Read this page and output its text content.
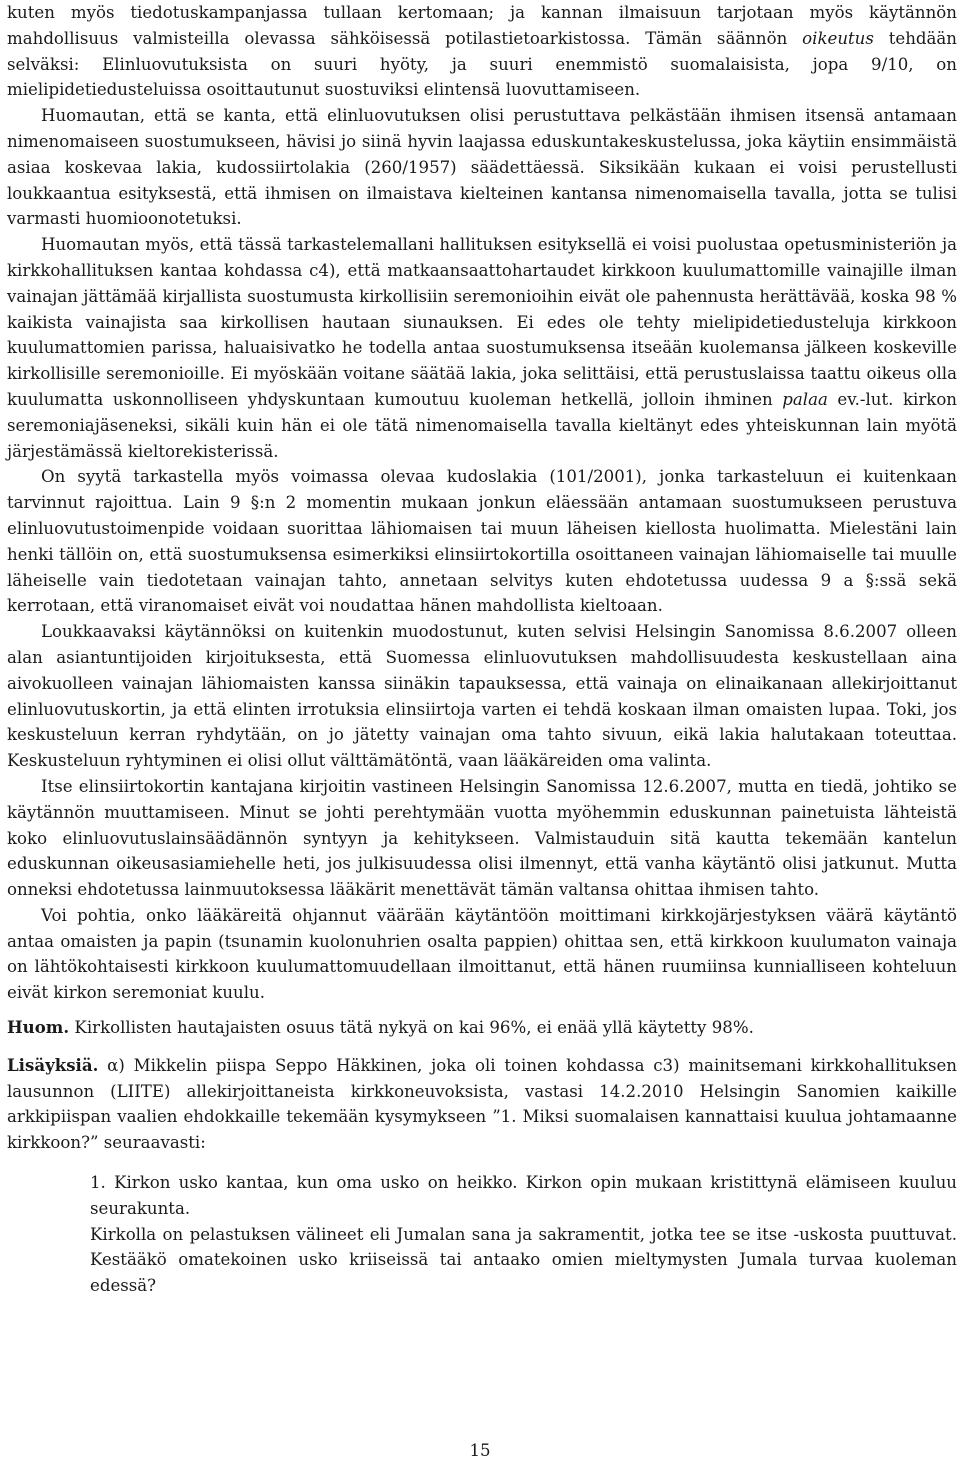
kuten myös tiedotuskampanjassa tullaan kertomaan; ja kannan ilmaisuun tarjotaan myös käytännön mahdollisuus valmisteilla olevassa sähköisessä potilastietoarkistossa. Tämän säännön oikeutus tehdään selväksi: Elinluovutuksista on suuri hyöty, ja suuri enemmistö suomalaisista, jopa 9/10, on mielipidetiedusteluissa osoittautunut suostuviksi elintensä luovuttamiseen.

Huomautan, että se kanta, että elinluovutuksen olisi perustuttava pelkästään ihmisen itsensä antamaan nimenomaiseen suostumukseen, hävisi jo siinä hyvin laajassa eduskuntakeskustelussa, joka käytiin ensimmäistä asiaa koskevaa lakia, kudossiirtolakia (260/1957) säädettäessä. Siksikään kukaan ei voisi perustellusti loukkaantua esityksestä, että ihmisen on ilmaistava kielteinen kantansa nimenomaisella tavalla, jotta se tulisi varmasti huomioonotetuksi.

Huomautan myös, että tässä tarkastelemallani hallituksen esityksellä ei voisi puolustaa opetusministeriön ja kirkkohallituksen kantaa kohdassa c4), että matkaansaattohartaudet kirkkoon kuulumattomille vainajille ilman vainajan jättämää kirjallista suostumusta kirkollisiin seremonioihin eivät ole pahennusta herättävää, koska 98 % kaikista vainajista saa kirkollisen hautaan siunauksen. Ei edes ole tehty mielipidetiedusteluja kirkkoon kuulumattomien parissa, haluaisivatko he todella antaa suostumuksensa itseään kuolemansa jälkeen koskeville kirkollisille seremonioille. Ei myöskään voitane säätää lakia, joka selittäisi, että perustuslaissa taattu oikeus olla kuulumatta uskonnolliseen yhdyskuntaan kumoutuu kuoleman hetkellä, jolloin ihminen palaa ev.-lut. kirkon seremoniajäseneksi, sikäli kuin hän ei ole tätä nimenomaisella tavalla kieltänyt edes yhteiskunnan lain myötä järjestämässä kieltorekisterissä.

On syytä tarkastella myös voimassa olevaa kudoslakia (101/2001), jonka tarkasteluun ei kuitenkaan tarvinnut rajoittua. Lain 9 §:n 2 momentin mukaan jonkun eläessään antamaan suostumukseen perustuva elinluovutustoimenpide voidaan suorittaa lähiomaisen tai muun läheisen kiellosta huolimatta. Mielestäni lain henki tällöin on, että suostumuksensa esimerkiksi elinsiirtokortilla osoittaneen vainajan lähiomaiselle tai muulle läheiselle vain tiedotetaan vainajan tahto, annetaan selvitys kuten ehdotetussa uudessa 9 a §:ssä sekä kerrotaan, että viranomaiset eivät voi noudattaa hänen mahdollista kieltoaan.

Loukkaavaksi käytännöksi on kuitenkin muodostunut, kuten selvisi Helsingin Sanomissa 8.6.2007 olleen alan asiantuntijoiden kirjoituksesta, että Suomessa elinluovutuksen mahdollisuudesta keskustellaan aina aivokuolleen vainajan lähiomaisten kanssa siinäkin tapauksessa, että vainaja on elinaikanaan allekirjoittanut elinluovutuskortin, ja että elinten irrotuksia elinsiirtoja varten ei tehdä koskaan ilman omaisten lupaa. Toki, jos keskusteluun kerran ryhdytään, on jo jätetty vainajan oma tahto sivuun, eikä lakia halutakaan toteuttaa. Keskusteluun ryhtyminen ei olisi ollut välttämätöntä, vaan lääkäreiden oma valinta.

Itse elinsiirtokortin kantajana kirjoitin vastineen Helsingin Sanomissa 12.6.2007, mutta en tiedä, johtiko se käytännön muuttamiseen. Minut se johti perehtymään vuotta myöhemmin eduskunnan painetuista lähteistä koko elinluovutuslainsäädännön syntyyn ja kehitykseen. Valmistauduin sitä kautta tekemään kantelun eduskunnan oikeusasiamiehelle heti, jos julkisuudessa olisi ilmennyt, että vanha käytäntö olisi jatkunut. Mutta onneksi ehdotetussa lainmuutoksessa lääkärit menettävät tämän valtansa ohittaa ihmisen tahto.

Voi pohtia, onko lääkäreitä ohjannut väärään käytäntöön moittimani kirkkojärjestyksen väärä käytäntö antaa omaisten ja papin (tsunamin kuolonuhrien osalta pappien) ohittaa sen, että kirkkoon kuulumaton vainaja on lähtökohtaisesti kirkkoon kuulumattomuudellaan ilmoittanut, että hänen ruumiinsa kunnialliseen kohteluun eivät kirkon seremoniat kuulu.

Huom. Kirkollisten hautajaisten osuus tätä nykyä on kai 96%, ei enää yllä käytetty 98%.

Lisäyksiä. α) Mikkelin piispa Seppo Häkkinen, joka oli toinen kohdassa c3) mainitsemani kirkkohallituksen lausunnon (LIITE) allekirjoittaneista kirkkoneuvoksista, vastasi 14.2.2010 Helsingin Sanomien kaikille arkkipiispan vaalien ehdokkaille tekemään kysymykseen ”1. Miksi suomalaisen kannattaisi kuulua johtamaanne kirkkoon?” seuraavasti:

1. Kirkon usko kantaa, kun oma usko on heikko. Kirkon opin mukaan kristittynä elämiseen kuuluu seurakunta.

Kirkolla on pelastuksen välineet eli Jumalan sana ja sakramentit, jotka tee se itse -uskosta puuttuvat. Kestääkö omatekoinen usko kriiseissä tai antaako omien mieltymysten Jumala turvaa kuoleman edessä?

15
